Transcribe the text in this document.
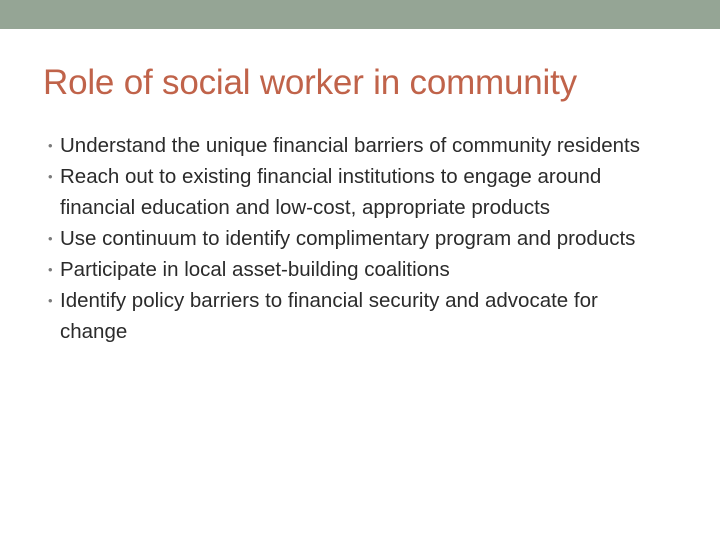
Role of social worker in community
• Understand the unique financial barriers of community residents
• Reach out to existing financial institutions to engage around financial education and low-cost, appropriate products
• Use continuum to identify complimentary program and products
• Participate in local asset-building coalitions
• Identify policy barriers to financial security and advocate for change
